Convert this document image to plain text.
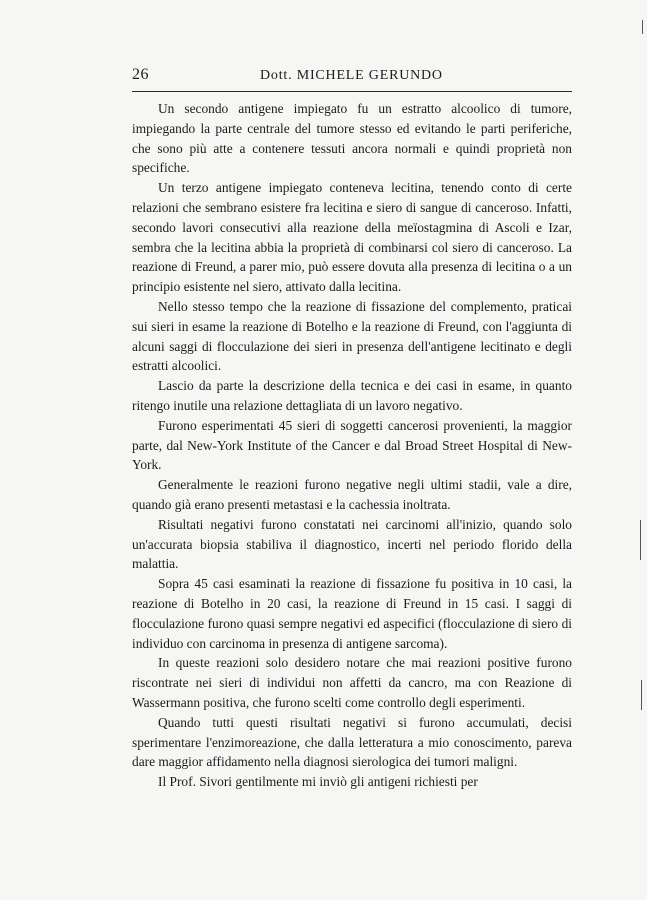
26	Dott. MICHELE GERUNDO

Un secondo antigene impiegato fu un estratto alcoolico di tumore, impiegando la parte centrale del tumore stesso ed evitando le parti periferiche, che sono più atte a contenere tessuti ancora normali e quindi proprietà non specifiche.

Un terzo antigene impiegato conteneva lecitina, tenendo conto di certe relazioni che sembrano esistere fra lecitina e siero di sangue di canceroso. Infatti, secondo lavori consecutivi alla reazione della meïostagmina di Ascoli e Izar, sembra che la lecitina abbia la proprietà di combinarsi col siero di canceroso. La reazione di Freund, a parer mio, può essere dovuta alla presenza di lecitina o a un principio esistente nel siero, attivato dalla lecitina.

Nello stesso tempo che la reazione di fissazione del complemento, praticai sui sieri in esame la reazione di Botelho e la reazione di Freund, con l'aggiunta di alcuni saggi di flocculazione dei sieri in presenza dell'antigene lecitinato e degli estratti alcoolici.

Lascio da parte la descrizione della tecnica e dei casi in esame, in quanto ritengo inutile una relazione dettagliata di un lavoro negativo.

Furono esperimentati 45 sieri di soggetti cancerosi provenienti, la maggior parte, dal New-York Institute of the Cancer e dal Broad Street Hospital di New-York.

Generalmente le reazioni furono negative negli ultimi stadii, vale a dire, quando già erano presenti metastasi e la cachessia inoltrata.

Risultati negativi furono constatati nei carcinomi all'inizio, quando solo un'accurata biopsia stabiliva il diagnostico, incerti nel periodo florido della malattia.

Sopra 45 casi esaminati la reazione di fissazione fu positiva in 10 casi, la reazione di Botelho in 20 casi, la reazione di Freund in 15 casi. I saggi di flocculazione furono quasi sempre negativi ed aspecifici (flocculazione di siero di individuo con carcinoma in presenza di antigene sarcoma).

In queste reazioni solo desidero notare che mai reazioni positive furono riscontrate nei sieri di individui non affetti da cancro, ma con Reazione di Wassermann positiva, che furono scelti come controllo degli esperimenti.

Quando tutti questi risultati negativi si furono accumulati, decisi sperimentare l'enzimoreazione, che dalla letteratura a mio conoscimento, pareva dare maggior affidamento nella diagnosi sierologica dei tumori maligni.

Il Prof. Sivori gentilmente mi inviò gli antigeni richiesti per
